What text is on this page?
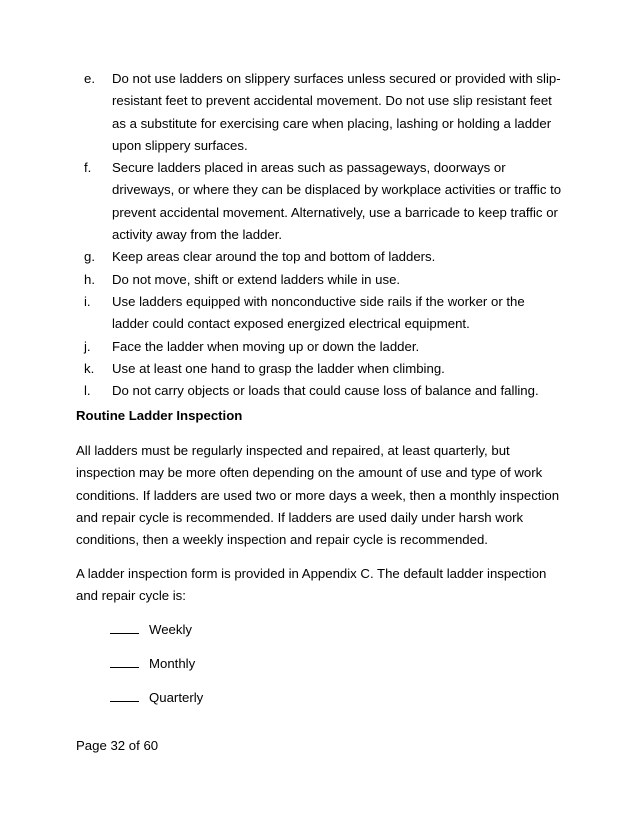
e. Do not use ladders on slippery surfaces unless secured or provided with slip-resistant feet to prevent accidental movement. Do not use slip resistant feet as a substitute for exercising care when placing, lashing or holding a ladder upon slippery surfaces.
f. Secure ladders placed in areas such as passageways, doorways or driveways, or where they can be displaced by workplace activities or traffic to prevent accidental movement. Alternatively, use a barricade to keep traffic or activity away from the ladder.
g. Keep areas clear around the top and bottom of ladders.
h. Do not move, shift or extend ladders while in use.
i. Use ladders equipped with nonconductive side rails if the worker or the ladder could contact exposed energized electrical equipment.
j. Face the ladder when moving up or down the ladder.
k. Use at least one hand to grasp the ladder when climbing.
l. Do not carry objects or loads that could cause loss of balance and falling.
Routine Ladder Inspection

All ladders must be regularly inspected and repaired, at least quarterly, but inspection may be more often depending on the amount of use and type of work conditions. If ladders are used two or more days a week, then a monthly inspection and repair cycle is recommended. If ladders are used daily under harsh work conditions, then a weekly inspection and repair cycle is recommended.

A ladder inspection form is provided in Appendix C. The default ladder inspection and repair cycle is:

Weekly
Monthly
Quarterly
Page 32 of 60
